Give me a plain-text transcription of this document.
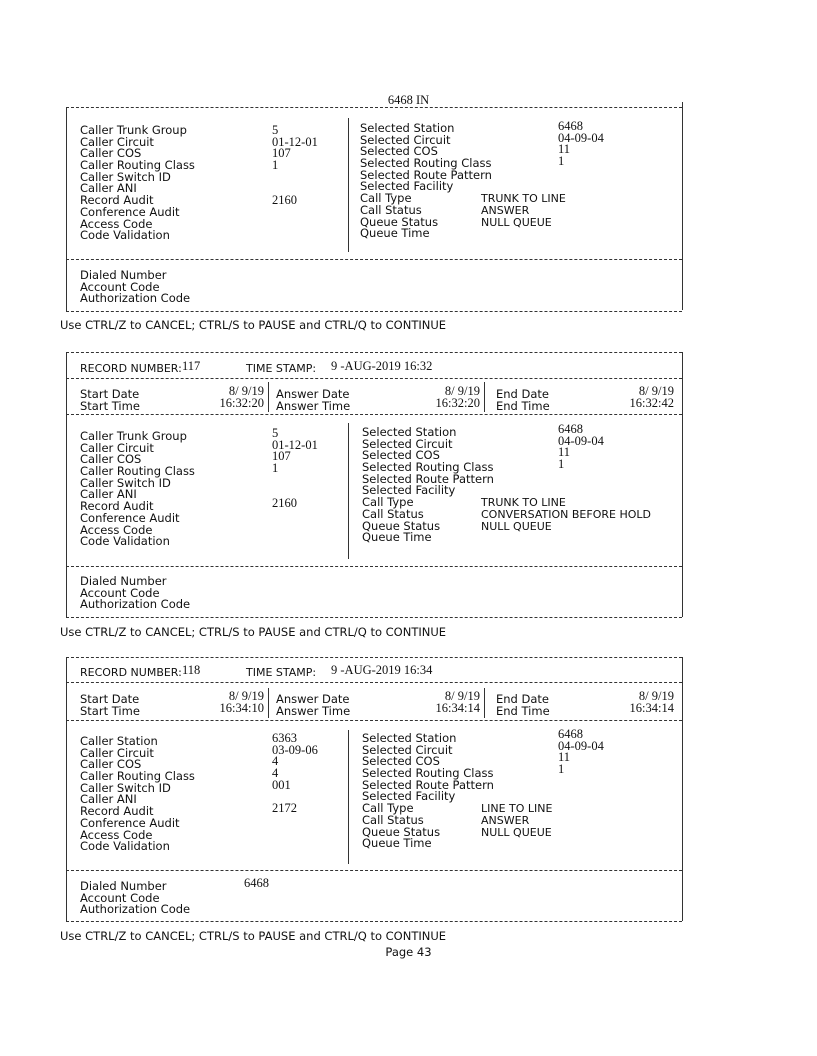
6468 IN
Caller Trunk Group
Caller Circuit
Caller COS
Caller Routing Class
Caller Switch ID
Caller ANI
Record Audit
Conference Audit
Access Code
Code Validation
5
01-12-01
107
1
2160
Selected Station
Selected Circuit
Selected COS
Selected Routing Class
Selected Route Pattern
Selected Facility
Call Type
Call Status
Queue Status
Queue Time
6468
04-09-04
11
1
TRUNK TO LINE
ANSWER
NULL QUEUE
Dialed Number
Account Code
Authorization Code
Use CTRL/Z to CANCEL; CTRL/S to PAUSE and CTRL/Q to CONTINUE
RECORD NUMBER: 117	TIME STAMP: 9 -AUG-2019 16:32
Start Date
Start Time
8/ 9/19
16:32:20
Answer Date
Answer Time
8/ 9/19
16:32:20
End Date
End Time
8/ 9/19
16:32:42
Caller Trunk Group
Caller Circuit
Caller COS
Caller Routing Class
Caller Switch ID
Caller ANI
Record Audit
Conference Audit
Access Code
Code Validation
5
01-12-01
107
1
2160
Selected Station
Selected Circuit
Selected COS
Selected Routing Class
Selected Route Pattern
Selected Facility
Call Type
Call Status
Queue Status
Queue Time
6468
04-09-04
11
1
TRUNK TO LINE
CONVERSATION BEFORE HOLD
NULL QUEUE
Dialed Number
Account Code
Authorization Code
Use CTRL/Z to CANCEL; CTRL/S to PAUSE and CTRL/Q to CONTINUE
RECORD NUMBER: 118	TIME STAMP: 9 -AUG-2019 16:34
Start Date
Start Time
8/ 9/19
16:34:10
Answer Date
Answer Time
8/ 9/19
16:34:14
End Date
End Time
8/ 9/19
16:34:14
Caller Station
Caller Circuit
Caller COS
Caller Routing Class
Caller Switch ID
Caller ANI
Record Audit
Conference Audit
Access Code
Code Validation
6363
03-09-06
4
4
001
2172
Selected Station
Selected Circuit
Selected COS
Selected Routing Class
Selected Route Pattern
Selected Facility
Call Type
Call Status
Queue Status
Queue Time
6468
04-09-04
11
1
LINE TO LINE
ANSWER
NULL QUEUE
Dialed Number
Account Code
Authorization Code
6468
Use CTRL/Z to CANCEL; CTRL/S to PAUSE and CTRL/Q to CONTINUE
Page 43
